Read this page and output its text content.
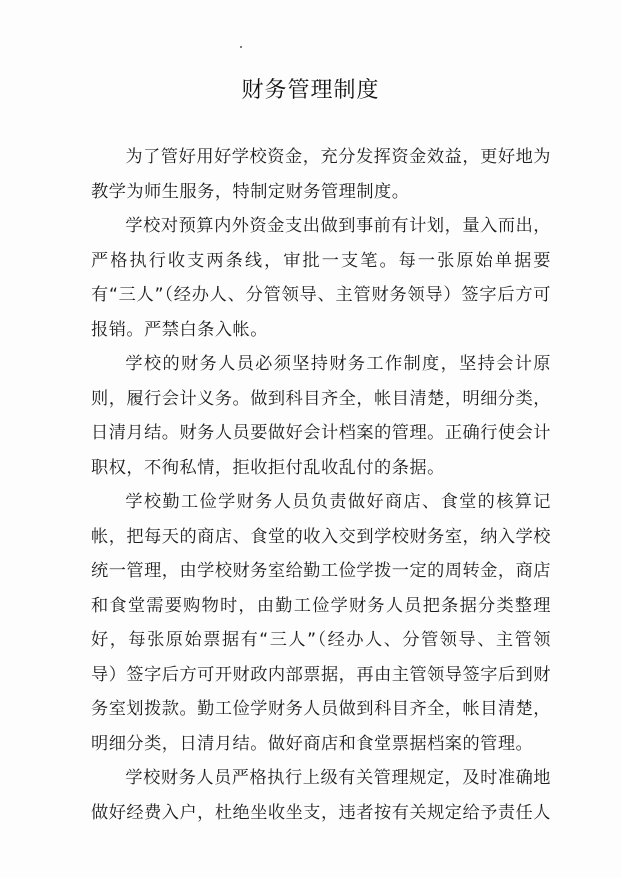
财务管理制度

为了管好用好学校资金，充分发挥资金效益，更好地为教学为师生服务，特制定财务管理制度。

学校对预算内外资金支出做到事前有计划，量入而出，严格执行收支两条线，审批一支笔。每一张原始单据要有“三人”（经办人、分管领导、主管财务领导）签字后方可报销。严禁白条入帐。

学校的财务人员必须坚持财务工作制度，坚持会计原则，履行会计义务。做到科目齐全，帐目清楚，明细分类，日清月结。财务人员要做好会计档案的管理。正确行使会计职权，不徇私情，拒收拒付乱收乱付的条据。

学校勤工俭学财务人员负责做好商店、食堂的核算记帐，把每天的商店、食堂的收入交到学校财务室，纳入学校统一管理，由学校财务室给勤工俭学拨一定的周转金，商店和食堂需要购物时，由勤工俭学财务人员把条据分类整理好，每张原始票据有“三人”（经办人、分管领导、主管领导）签字后方可开财政内部票据，再由主管领导签字后到财务室划拨款。勤工俭学财务人员做到科目齐全，帐目清楚，明细分类，日清月结。做好商店和食堂票据档案的管理。

学校财务人员严格执行上级有关管理规定，及时准确地做好经费入户，杜绝坐收坐支，违者按有关规定给予责任人
